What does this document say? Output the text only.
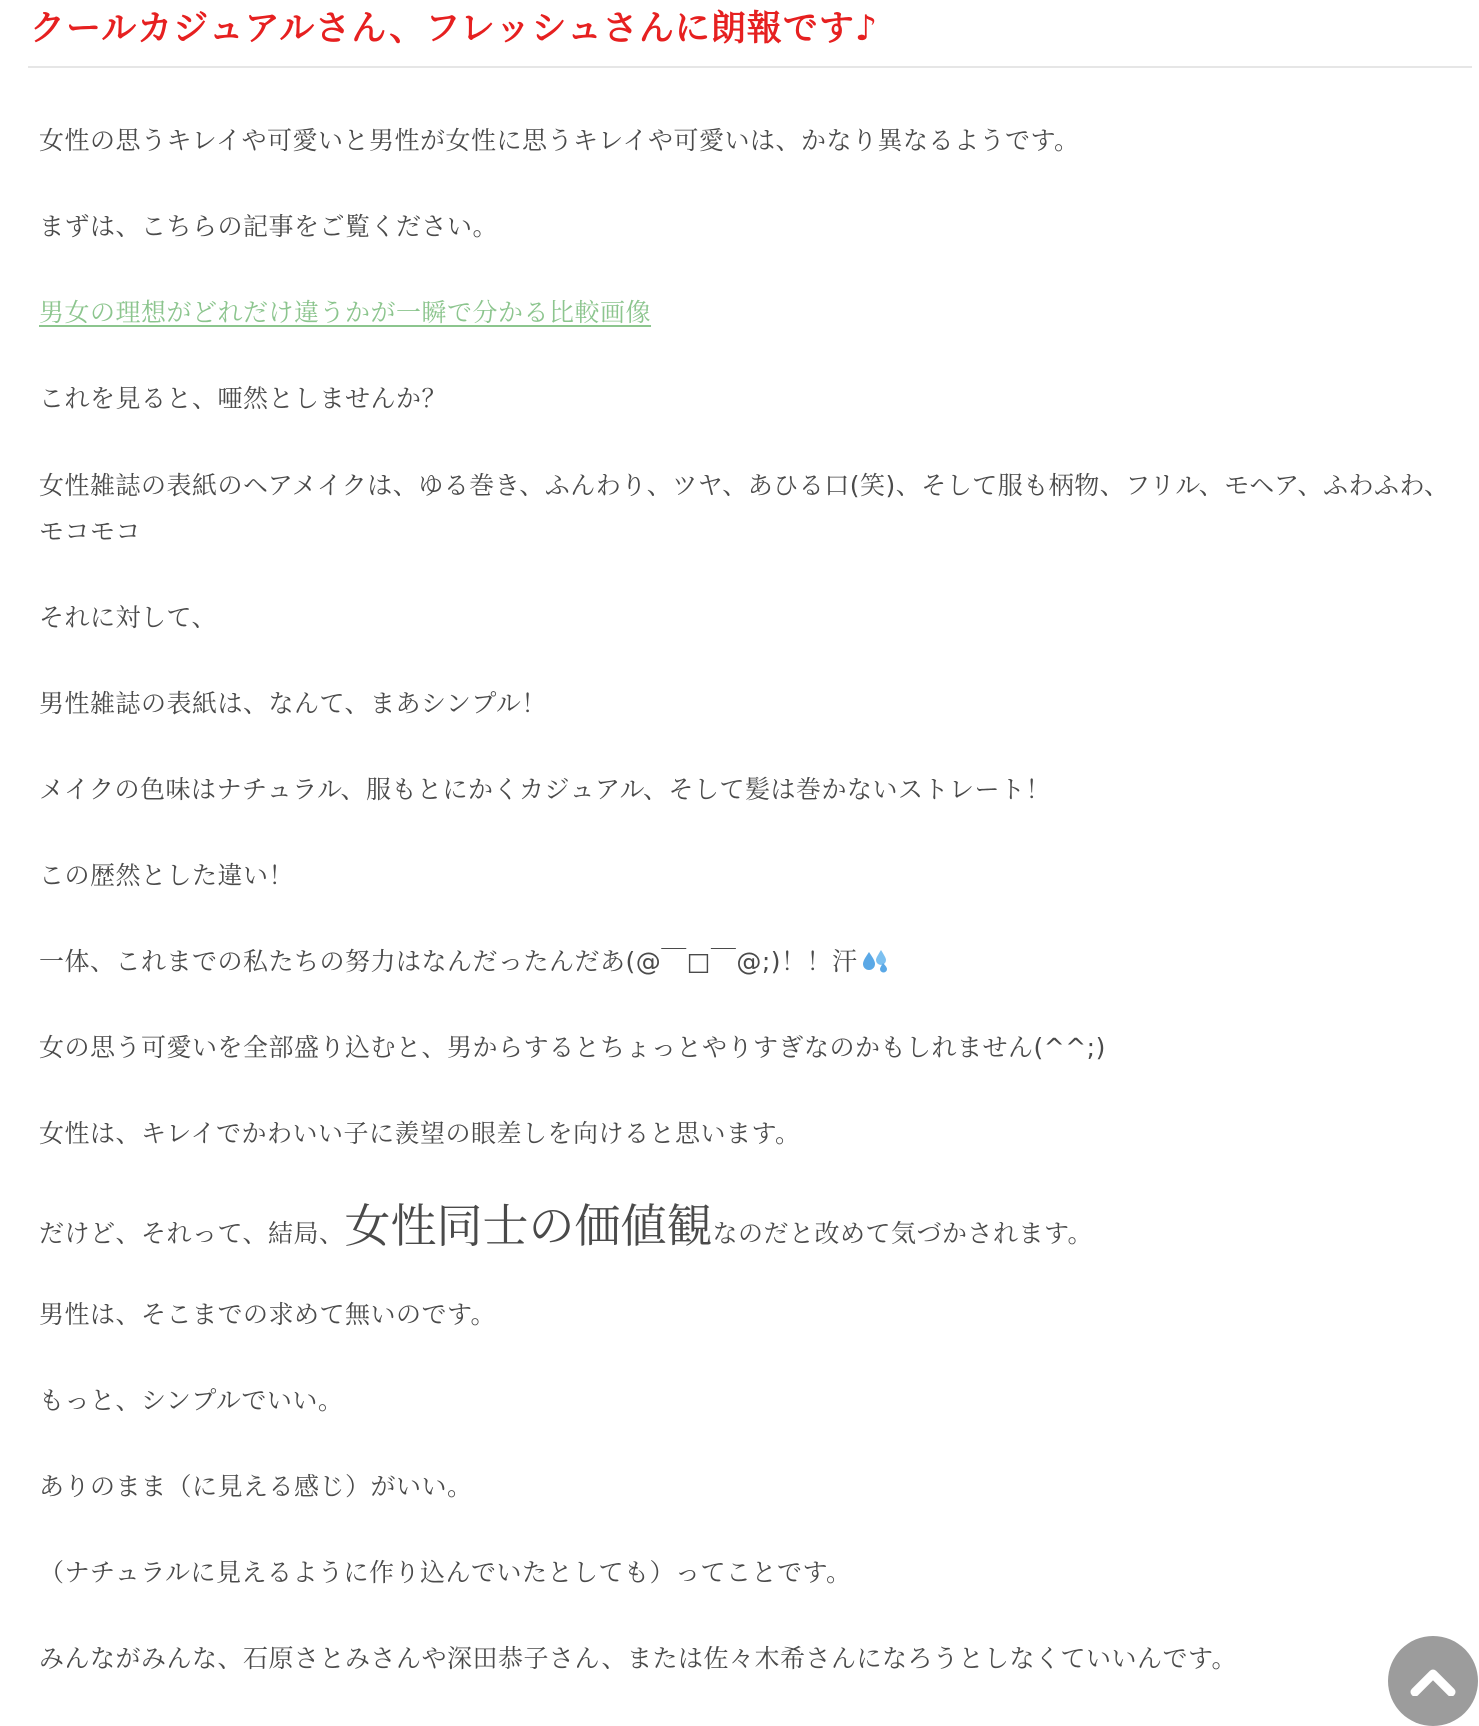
クールカジュアルさん、フレッシュさんに朗報です♪

女性の思うキレイや可愛いと男性が女性に思うキレイや可愛いは、かなり異なるようです。

まずは、こちらの記事をご覧ください。

男女の理想がどれだけ違うかが一瞬で分かる比較画像

これを見ると、唖然としませんか？

女性雑誌の表紙のヘアメイクは、ゆる巻き、ふんわり、ツヤ、あひる口(笑)、そして服も柄物、フリル、モヘア、ふわふわ、モコモコ

それに対して、

男性雑誌の表紙は、なんて、まあシンプル！

メイクの色味はナチュラル、服もとにかくカジュアル、そして髪は巻かないストレート！

この歴然とした違い！

一体、これまでの私たちの努力はなんだったんだあ(@￣□￣@;)！！汗

女の思う可愛いを全部盛り込むと、男からするとちょっとやりすぎなのかもしれません(^^;)

女性は、キレイでかわいい子に羨望の眼差しを向けると思います。

だけど、それって、結局、女性同士の価値観なのだと改めて気づかされます。

男性は、そこまでの求めて無いのです。

もっと、シンプルでいい。

ありのまま（に見える感じ）がいい。

（ナチュラルに見えるように作り込んでいたとしても）ってことです。

みんながみんな、石原さとみさんや深田恭子さん、または佐々木希さんになろうとしなくていいんです。
